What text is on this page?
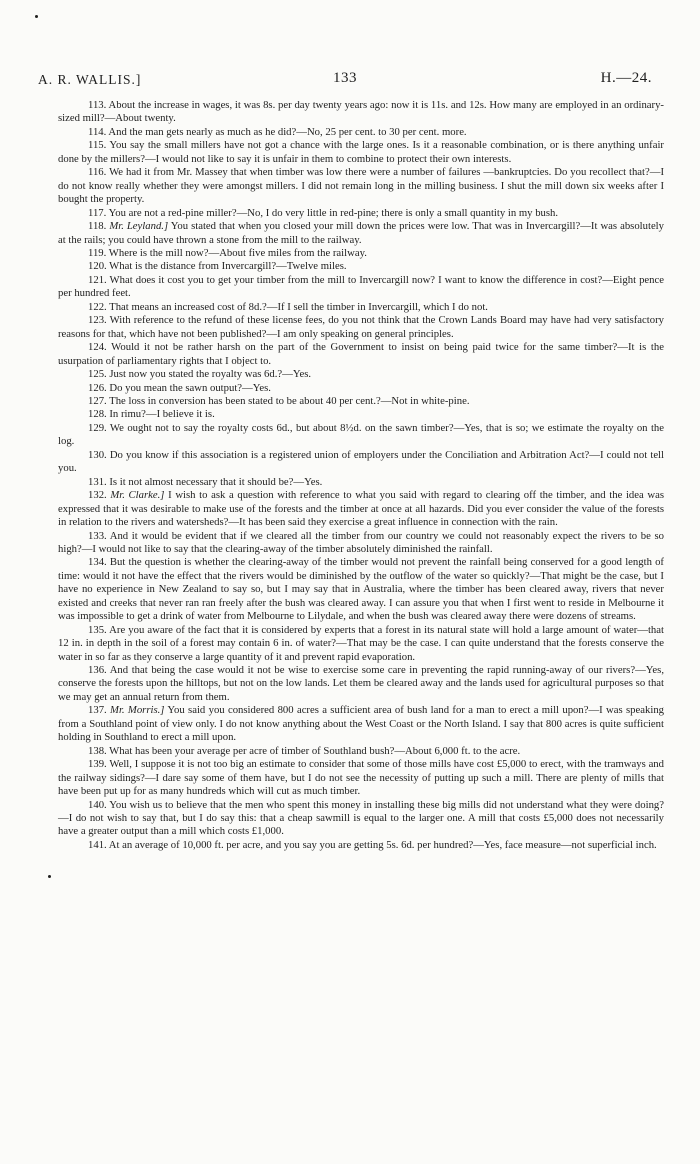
A. R. WALLIS.]	133	H.—24.

113. About the increase in wages, it was 8s. per day twenty years ago: now it is 11s. and 12s. How many are employed in an ordinary-sized mill?—About twenty.

114. And the man gets nearly as much as he did?—No, 25 per cent. to 30 per cent. more.

115. You say the small millers have not got a chance with the large ones. Is it a reasonable combination, or is there anything unfair done by the millers?—I would not like to say it is unfair in them to combine to protect their own interests.

116. We had it from Mr. Massey that when timber was low there were a number of failures —bankruptcies. Do you recollect that?—I do not know really whether they were amongst millers. I did not remain long in the milling business. I shut the mill down six weeks after I bought the property.

117. You are not a red-pine miller?—No, I do very little in red-pine; there is only a small quantity in my bush.

118. Mr. Leyland.] You stated that when you closed your mill down the prices were low. That was in Invercargill?—It was absolutely at the rails; you could have thrown a stone from the mill to the railway.

119. Where is the mill now?—About five miles from the railway.

120. What is the distance from Invercargill?—Twelve miles.

121. What does it cost you to get your timber from the mill to Invercargill now? I want to know the difference in cost?—Eight pence per hundred feet.

122. That means an increased cost of 8d.?—If I sell the timber in Invercargill, which I do not.

123. With reference to the refund of these license fees, do you not think that the Crown Lands Board may have had very satisfactory reasons for that, which have not been published?—I am only speaking on general principles.

124. Would it not be rather harsh on the part of the Government to insist on being paid twice for the same timber?—It is the usurpation of parliamentary rights that I object to.

125. Just now you stated the royalty was 6d.?—Yes.

126. Do you mean the sawn output?—Yes.

127. The loss in conversion has been stated to be about 40 per cent.?—Not in white-pine.

128. In rimu?—I believe it is.

129. We ought not to say the royalty costs 6d., but about 8½d. on the sawn timber?—Yes, that is so; we estimate the royalty on the log.

130. Do you know if this association is a registered union of employers under the Conciliation and Arbitration Act?—I could not tell you.

131. Is it not almost necessary that it should be?—Yes.

132. Mr. Clarke.] I wish to ask a question with reference to what you said with regard to clearing off the timber, and the idea was expressed that it was desirable to make use of the forests and the timber at once at all hazards. Did you ever consider the value of the forests in relation to the rivers and watersheds?—It has been said they exercise a great influence in connection with the rain.

133. And it would be evident that if we cleared all the timber from our country we could not reasonably expect the rivers to be so high?—I would not like to say that the clearing-away of the timber absolutely diminished the rainfall.

134. But the question is whether the clearing-away of the timber would not prevent the rainfall being conserved for a good length of time: would it not have the effect that the rivers would be diminished by the outflow of the water so quickly?—That might be the case, but I have no experience in New Zealand to say so, but I may say that in Australia, where the timber has been cleared away, rivers that never existed and creeks that never ran ran freely after the bush was cleared away. I can assure you that when I first went to reside in Melbourne it was impossible to get a drink of water from Melbourne to Lilydale, and when the bush was cleared away there were dozens of streams.

135. Are you aware of the fact that it is considered by experts that a forest in its natural state will hold a large amount of water—that 12 in. in depth in the soil of a forest may contain 6 in. of water?—That may be the case. I can quite understand that the forests conserve the water in so far as they conserve a large quantity of it and prevent rapid evaporation.

136. And that being the case would it not be wise to exercise some care in preventing the rapid running-away of our rivers?—Yes, conserve the forests upon the hilltops, but not on the low lands. Let them be cleared away and the lands used for agricultural purposes so that we may get an annual return from them.

137. Mr. Morris.] You said you considered 800 acres a sufficient area of bush land for a man to erect a mill upon?—I was speaking from a Southland point of view only. I do not know anything about the West Coast or the North Island. I say that 800 acres is quite sufficient holding in Southland to erect a mill upon.

138. What has been your average per acre of timber of Southland bush?—About 6,000 ft. to the acre.

139. Well, I suppose it is not too big an estimate to consider that some of those mills have cost £5,000 to erect, with the tramways and the railway sidings?—I dare say some of them have, but I do not see the necessity of putting up such a mill. There are plenty of mills that have been put up for as many hundreds which will cut as much timber.

140. You wish us to believe that the men who spent this money in installing these big mills did not understand what they were doing?—I do not wish to say that, but I do say this: that a cheap sawmill is equal to the larger one. A mill that costs £5,000 does not necessarily have a greater output than a mill which costs £1,000.

141. At an average of 10,000 ft. per acre, and you say you are getting 5s. 6d. per hundred?—Yes, face measure—not superficial inch.
